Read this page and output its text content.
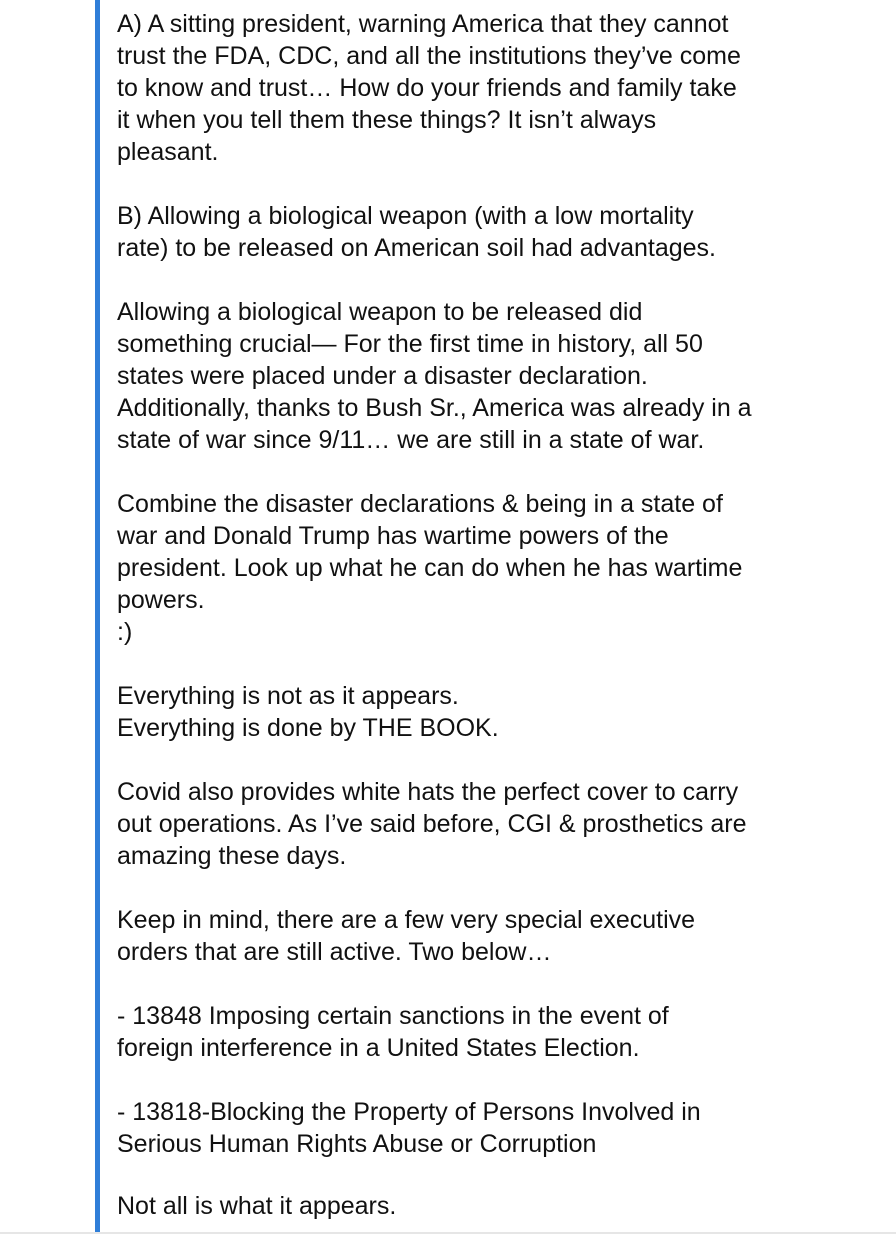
A) A sitting president, warning America that they cannot
trust the FDA, CDC, and all the institutions they’ve come
to know and trust… How do your friends and family take
it when you tell them these things? It isn’t always
pleasant.

B) Allowing a biological weapon (with a low mortality
rate) to be released on American soil had advantages.

Allowing a biological weapon to be released did
something crucial— For the first time in history, all 50
states were placed under a disaster declaration.
Additionally, thanks to Bush Sr., America was already in a
state of war since 9/11… we are still in a state of war.

Combine the disaster declarations & being in a state of
war and Donald Trump has wartime powers of the
president. Look up what he can do when he has wartime
powers.
:)

Everything is not as it appears.
Everything is done by THE BOOK.

Covid also provides white hats the perfect cover to carry
out operations. As I’ve said before, CGI & prosthetics are
amazing these days.

Keep in mind, there are a few very special executive
orders that are still active. Two below…

- 13848 Imposing certain sanctions in the event of
foreign interference in a United States Election.

- 13818-Blocking the Property of Persons Involved in
Serious Human Rights Abuse or Corruption

Not all is what it appears.
